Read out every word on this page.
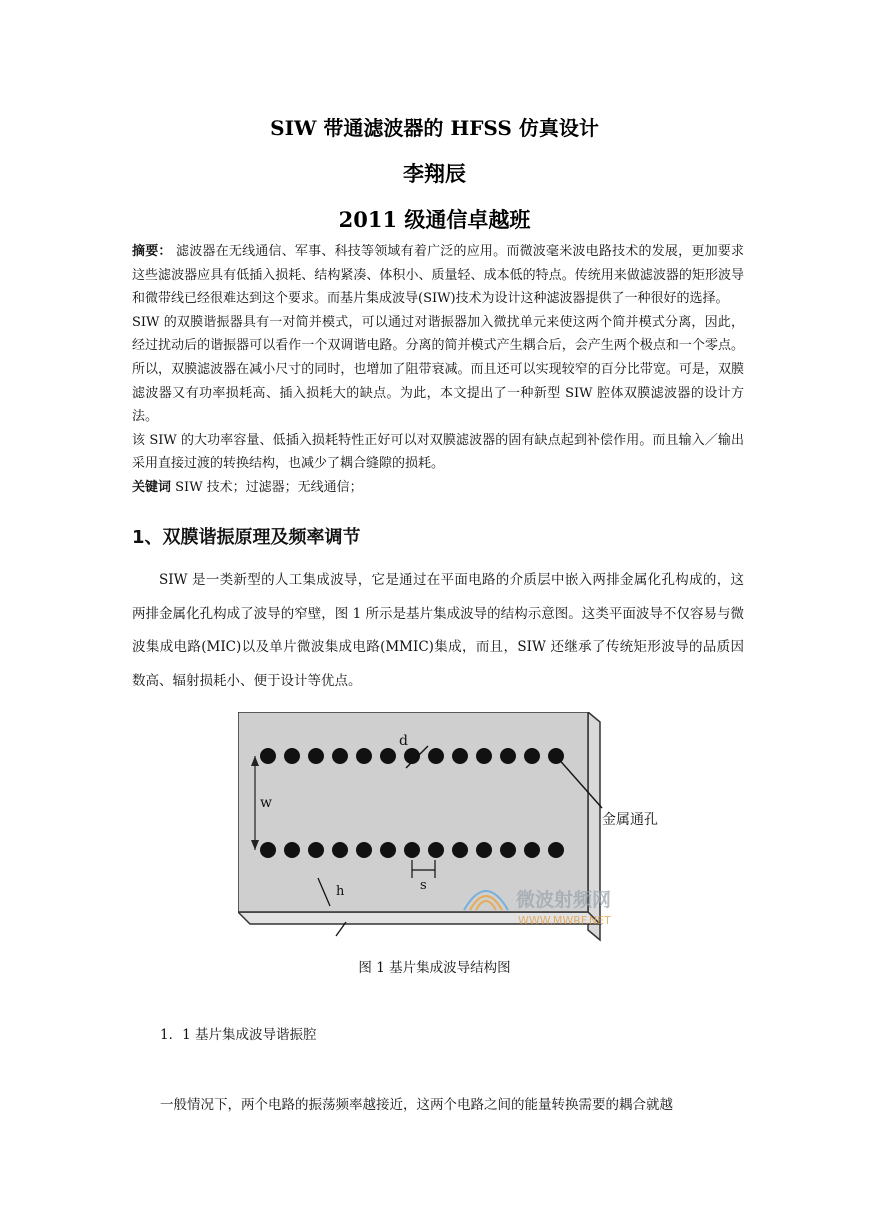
SIW 带通滤波器的 HFSS 仿真设计
李翔辰
2011 级通信卓越班

摘要： 滤波器在无线通信、军事、科技等领域有着广泛的应用。而微波毫米波电路技术的发展，更加要求这些滤波器应具有低插入损耗、结构紧凑、体积小、质量轻、成本低的特点。传统用来做滤波器的矩形波导和微带线已经很难达到这个要求。而基片集成波导(SIW)技术为设计这种滤波器提供了一种很好的选择。

SIW 的双膜谐振器具有一对简并模式，可以通过对谐振器加入微扰单元来使这两个简并模式分离，因此，经过扰动后的谐振器可以看作一个双调谐电路。分离的简并模式产生耦合后，会产生两个极点和一个零点。所以，双膜滤波器在减小尺寸的同时，也增加了阻带衰减。而且还可以实现较窄的百分比带宽。可是，双膜滤波器又有功率损耗高、插入损耗大的缺点。为此，本文提出了一种新型 SIW 腔体双膜滤波器的设计方法。

该 SIW 的大功率容量、低插入损耗特性正好可以对双膜滤波器的固有缺点起到补偿作用。而且输入／输出采用直接过渡的转换结构，也减少了耦合缝隙的损耗。

关键词 SIW 技术；过滤器；无线通信；

1、双膜谐振原理及频率调节
SIW 是一类新型的人工集成波导，它是通过在平面电路的介质层中嵌入两排金属化孔构成的，这两排金属化孔构成了波导的窄壁，图 1 所示是基片集成波导的结构示意图。这类平面波导不仅容易与微波集成电路(MIC)以及单片微波集成电路(MMIC)集成，而且，SIW 还继承了传统矩形波导的品质因数高、辐射损耗小、便于设计等优点。
w
d
s
金属通孔
h	微波射频网
WWW.MWRF.NET
图 1 基片集成波导结构图
1．1 基片集成波导谐振腔
一般情况下，两个电路的振荡频率越接近，这两个电路之间的能量转换需要的耦合就越
